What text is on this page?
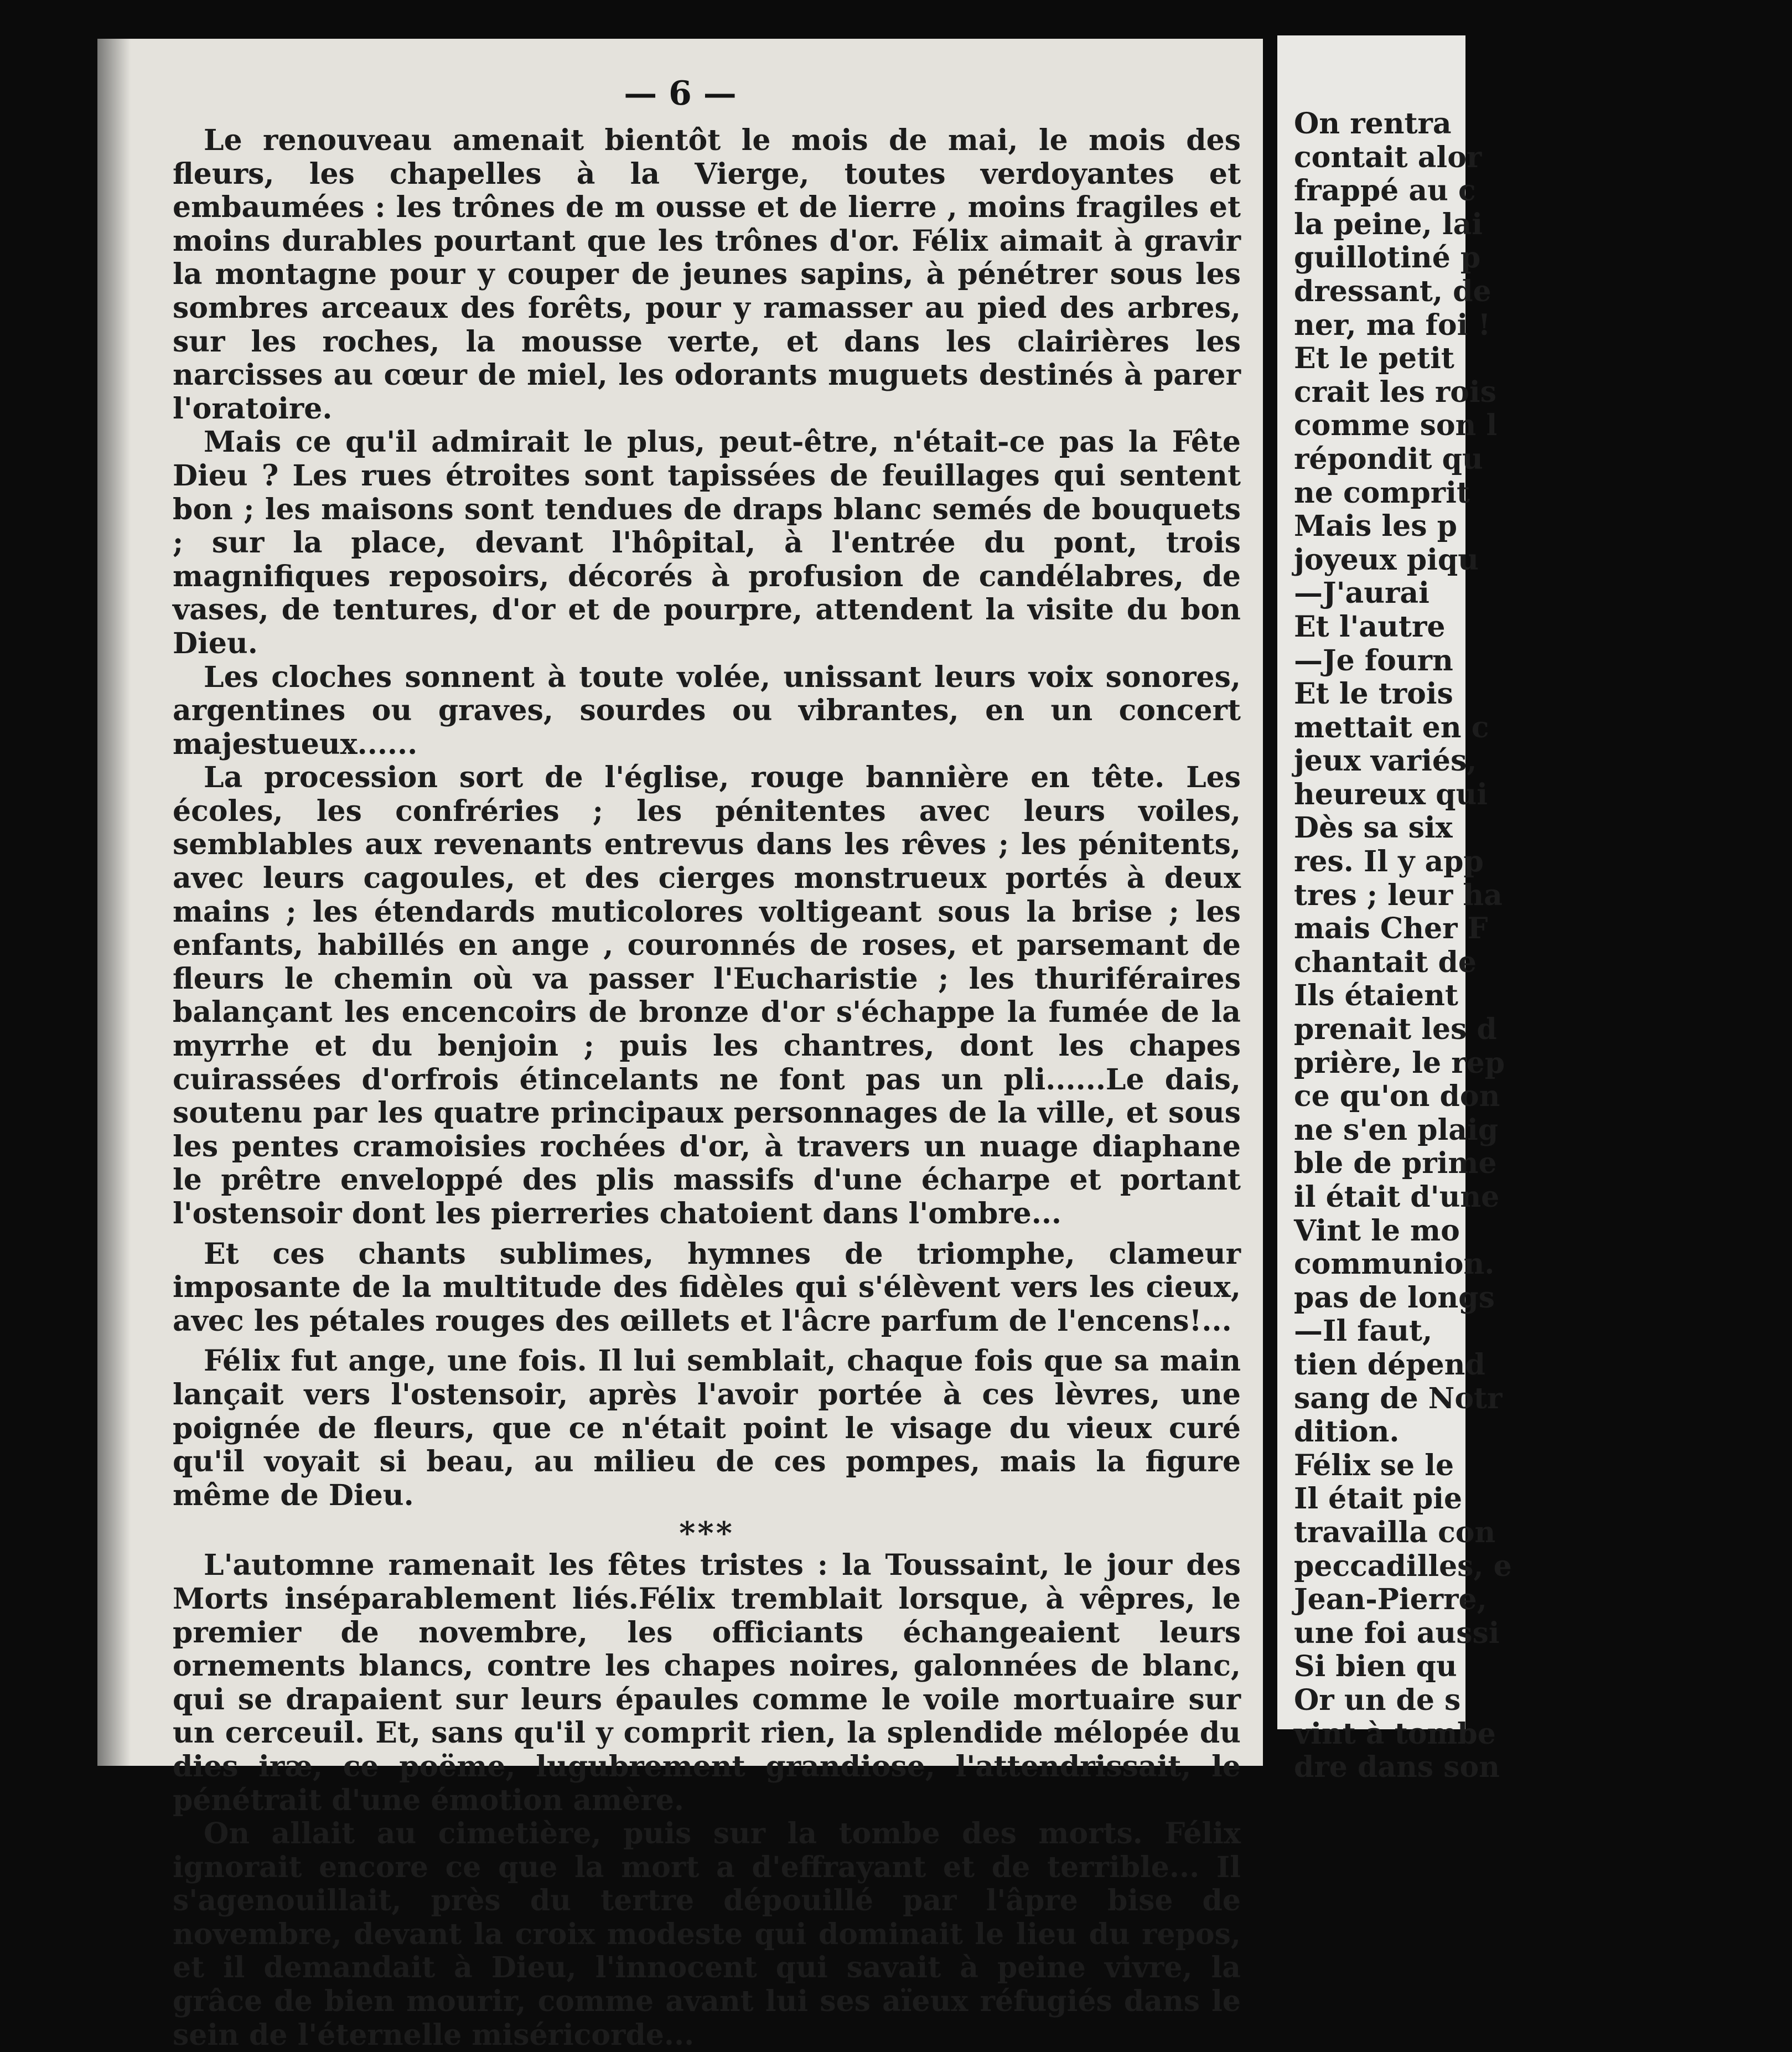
— 6 —

Le renouveau amenait bientôt le mois de mai, le mois des fleurs, les chapelles à la Vierge, toutes verdoyantes et embaumées : les trônes de m ousse et de lierre , moins fragiles et moins durables pourtant que les trônes d'or. Félix aimait à gravir la montagne pour y couper de jeunes sapins, à pénétrer sous les sombres arceaux des forêts, pour y ramasser au pied des arbres, sur les roches, la mousse verte, et dans les clairières les narcisses au cœur de miel, les odorants muguets destinés à parer l'oratoire.

Mais ce qu'il admirait le plus, peut-être, n'était-ce pas la Fête Dieu ? Les rues étroites sont tapissées de feuillages qui sentent bon ; les maisons sont tendues de draps blanc semés de bouquets ; sur la place, devant l'hôpital, à l'entrée du pont, trois magnifiques reposoirs, décorés à profusion de candélabres, de vases, de tentures, d'or et de pourpre, attendent la visite du bon Dieu.

Les cloches sonnent à toute volée, unissant leurs voix sonores, argentines ou graves, sourdes ou vibrantes, en un concert majestueux......

La procession sort de l'église, rouge bannière en tête. Les écoles, les confréries ; les pénitentes avec leurs voiles, semblables aux revenants entrevus dans les rêves ; les pénitents, avec leurs cagoules, et des cierges monstrueux portés à deux mains ; les étendards muticolores voltigeant sous la brise ; les enfants, habillés en ange , couronnés de roses, et parsemant de fleurs le chemin où va passer l'Eucharistie ; les thuriféraires balançant les encencoirs de bronze d'or s'échappe la fumée de la myrrhe et du benjoin ; puis les chantres, dont les chapes cuirassées d'orfrois étincelants ne font pas un pli......Le dais, soutenu par les quatre principaux personnages de la ville, et sous les pentes cramoisies rochées d'or, à travers un nuage diaphane le prêtre enveloppé des plis massifs d'une écharpe et portant l'ostensoir dont les pierreries chatoient dans l'ombre...

Et ces chants sublimes, hymnes de triomphe, clameur imposante de la multitude des fidèles qui s'élèvent vers les cieux, avec les pétales rouges des œillets et l'âcre parfum de l'encens!...

Félix fut ange, une fois. Il lui semblait, chaque fois que sa main lançait vers l'ostensoir, après l'avoir portée à ces lèvres, une poignée de fleurs, que ce n'était point le visage du vieux curé qu'il voyait si beau, au milieu de ces pompes, mais la figure même de Dieu.

***

L'automne ramenait les fêtes tristes : la Toussaint, le jour des Morts inséparablement liés.Félix tremblait lorsque, à vêpres, le premier de novembre, les officiants échangeaient leurs ornements blancs, contre les chapes noires, galonnées de blanc, qui se drapaient sur leurs épaules comme le voile mortuaire sur un cerceuil. Et, sans qu'il y comprit rien, la splendide mélopée du dies iræ, ce poëme, lugubrement grandiose, l'attendrissait, le pénétrait d'une émotion amère.

On allait au cimetière, puis sur la tombe des morts. Félix ignorait encore ce que la mort a d'effrayant et de terrible... Il s'agenouillait, près du tertre dépouillé par l'âpre bise de novembre, devant la croix modeste qui dominait le lieu du repos, et il demandait à Dieu, l'innocent qui savait à peine vivre, la grâce de bien mourir, comme avant lui ses aïeux réfugiés dans le sein de l'éternelle miséricorde...

On rentra
contait alor
frappé au c
la peine, lai
guillotiné p
dressant, de
ner, ma foi !
Et le petit
crait les rois
comme son l
répondit qu
ne comprit
Mais les p
joyeux piqu
—J'aurai
Et l'autre
—Je fourn
Et le trois
mettait en c
jeux variés,
heureux qui
Dès sa six
res. Il y app
tres ; leur ha
mais Cher F
chantait de
Ils étaient
prenait les d
prière, le rep
ce qu'on don
ne s'en plaig
ble de prime
il était d'une
Vint le mo
communion.
pas de longs
—Il faut,
tien dépend
sang de Notr
dition.
Félix se le
Il était pie
travailla con
peccadilles, e
Jean-Pierre,
une foi aussi
Si bien qu
Or un de s
vint à tombe
dre dans son
